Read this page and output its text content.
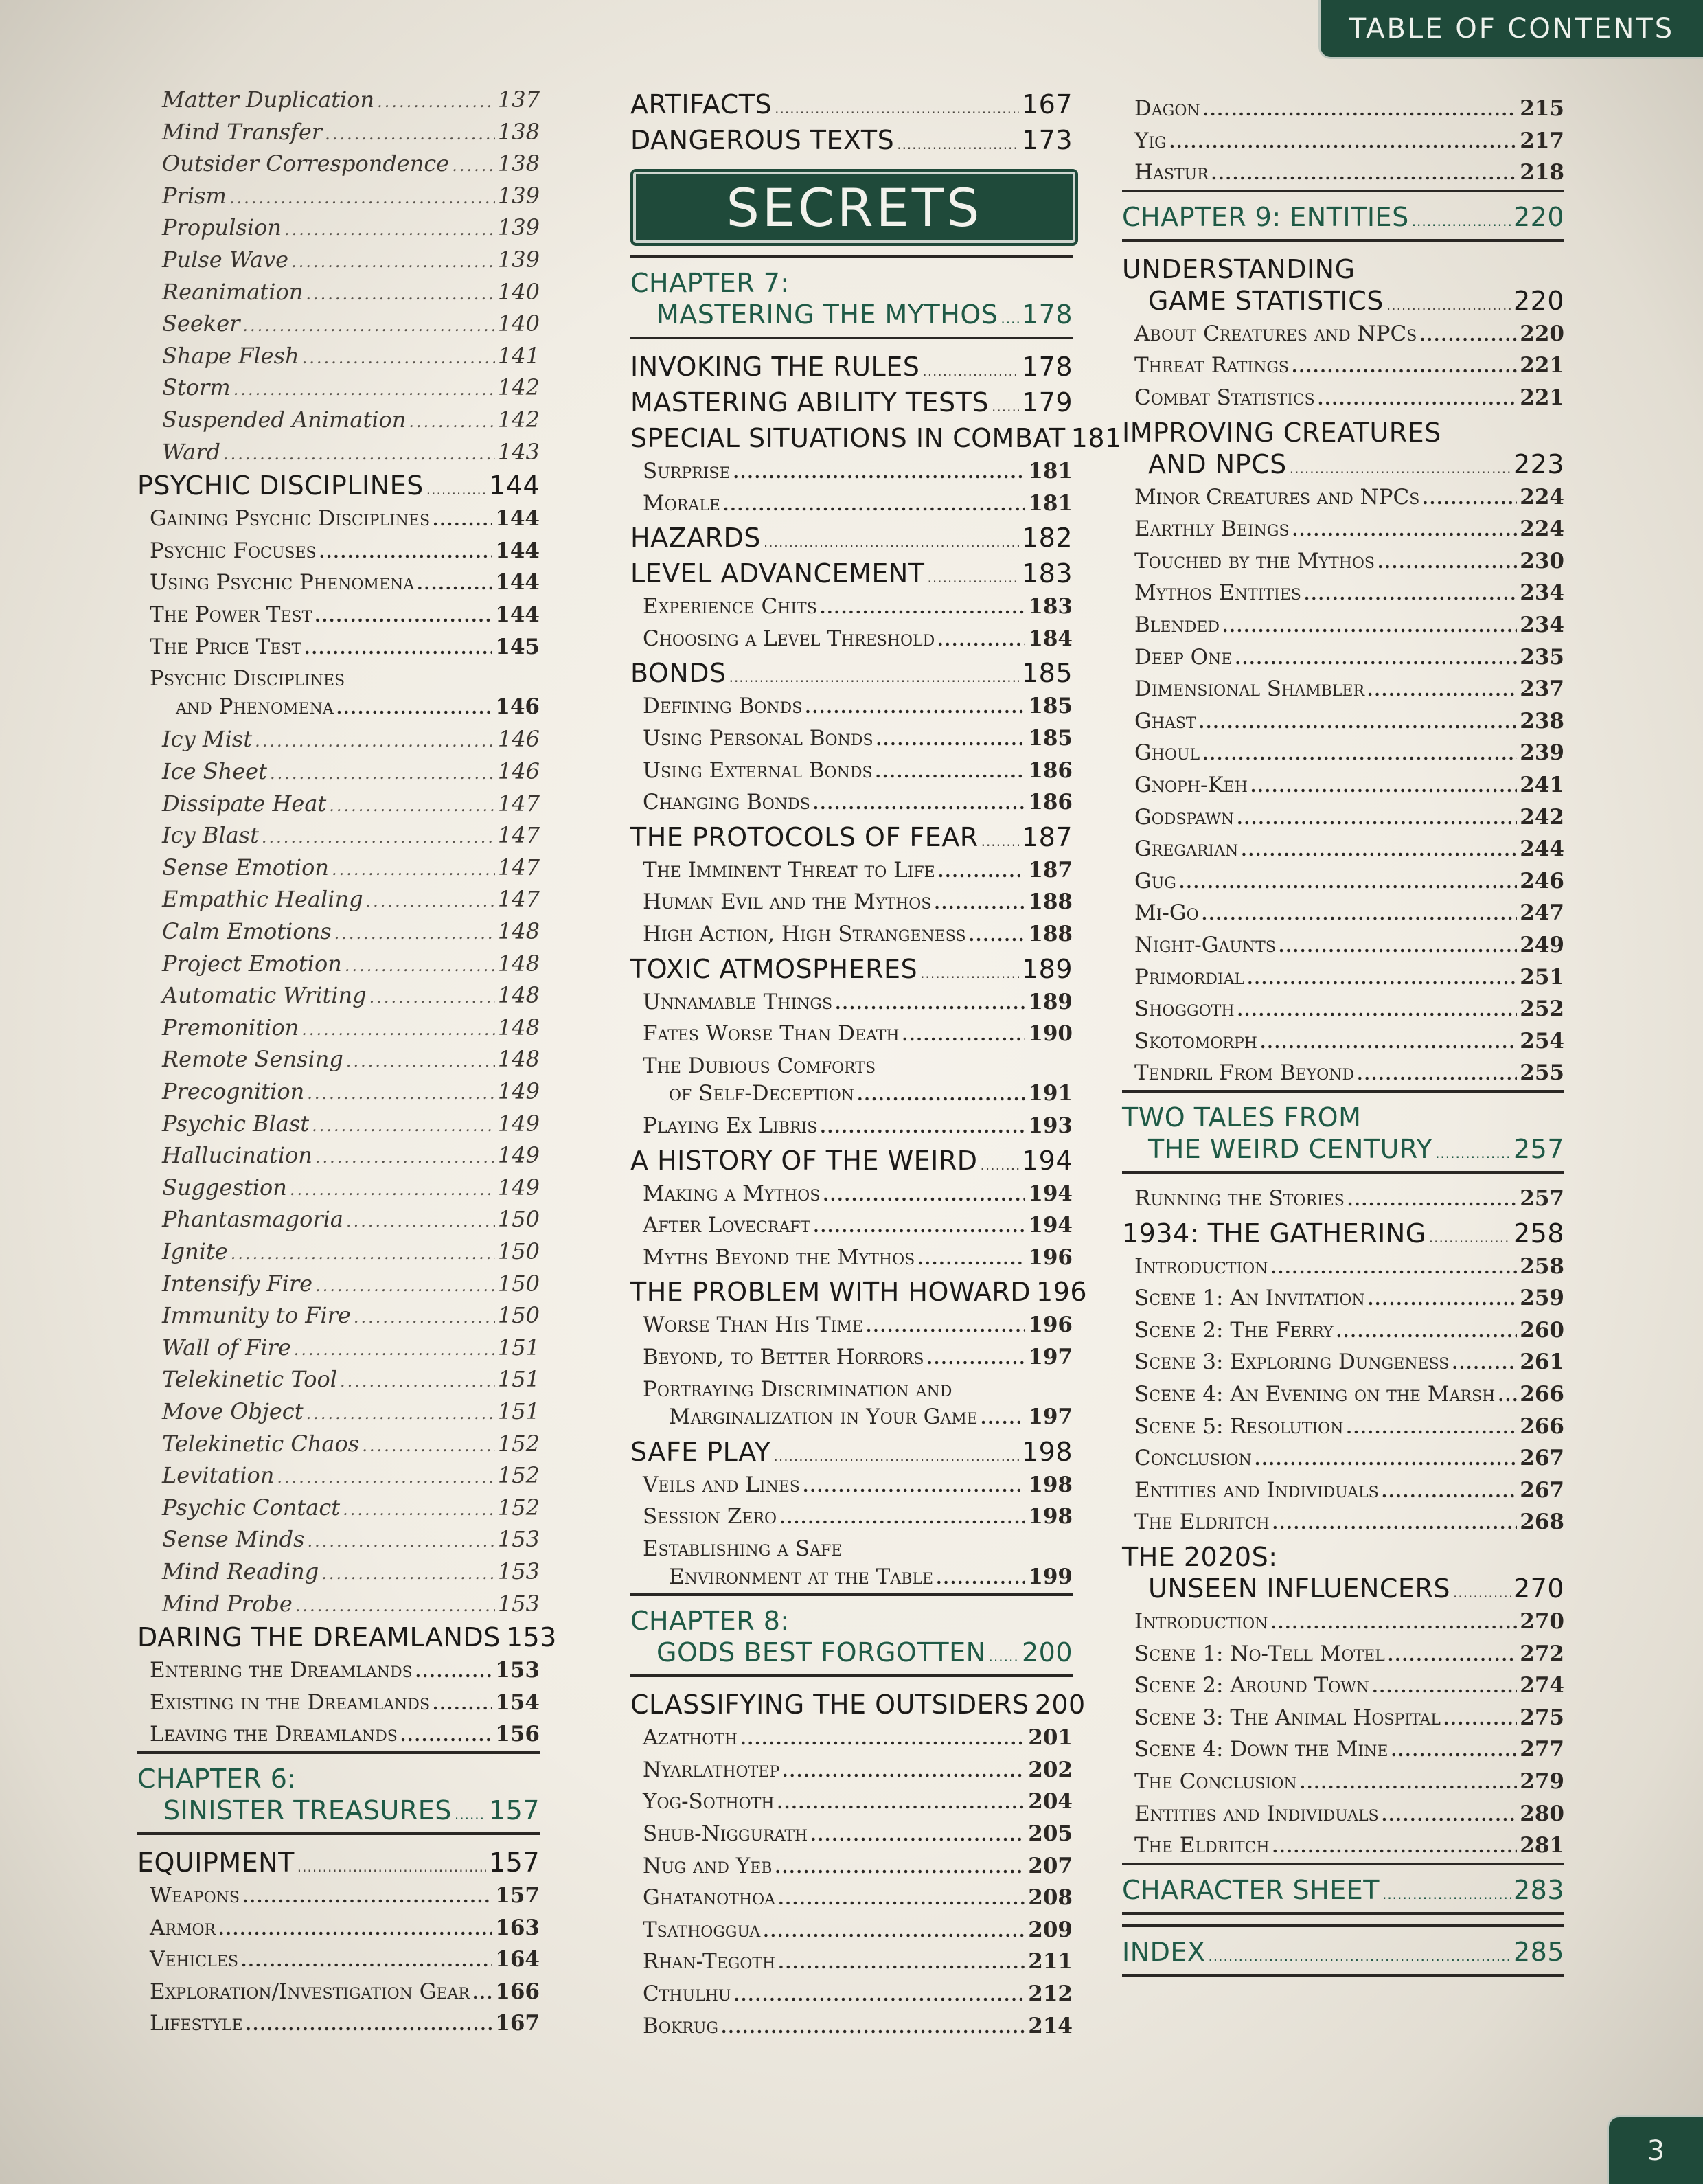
TABLE OF CONTENTS
Matter Duplication .....	137
Mind Transfer .....	138
Outsider Correspondence ..... 138
Prism .....	139
Propulsion .....	139
Pulse Wave .....	139
Reanimation .....	140
Seeker .....	140
Shape Flesh .....	141
Storm .....	142
Suspended Animation .....	142
Ward .....	143
PSYCHIC DISCIPLINES .....	144
Gaining Psychic Disciplines .....	144
Psychic Focuses .....	144
Using Psychic Phenomena .....	144
The Power Test .....	144
The Price Test .....	145
Psychic Disciplines
and Phenomena .....	146
Icy Mist .....	146
Ice Sheet .....	146
Dissipate Heat .....	147
Icy Blast .....	147
Sense Emotion .....	147
Empathic Healing .....	147
Calm Emotions .....	148
Project Emotion .....	148
Automatic Writing .....	148
Premonition .....	148
Remote Sensing .....	148
Precognition .....	149
Psychic Blast .....	149
Hallucination .....	149
Suggestion .....	149
Phantasmagoria .....	150
Ignite .....	150
Intensify Fire .....	150
Immunity to Fire .....	150
Wall of Fire .....	151
Telekinetic Tool .....	151
Move Object .....	151
Telekinetic Chaos .....	152
Levitation .....	152
Psychic Contact .....	152
Sense Minds .....	153
Mind Reading .....	153
Mind Probe .....	153
DARING THE DREAMLANDS 153
Entering the Dreamlands .....	153
Existing in the Dreamlands .....	154
Leaving the Dreamlands .....	156
CHAPTER 6:
SINISTER TREASURES ..... 157
EQUIPMENT .....	157
Weapons .....	157
Armor .....	163
Vehicles .....	164
Exploration/Investigation Gear ..... 166
Lifestyle .....	167
ARTIFACTS .....	167
DANGEROUS TEXTS .....	173
SECRETS
CHAPTER 7:
MASTERING THE MYTHOS ..... 178
INVOKING THE RULES .....	178
MASTERING ABILITY TESTS ..... 179
SPECIAL SITUATIONS IN COMBAT 181
Surprise .....	181
Morale .....	181
HAZARDS .....	182
LEVEL ADVANCEMENT .....	183
Experience Chits .....	183
Choosing a Level Threshold .....	184
BONDS .....	185
Defining Bonds .....	185
Using Personal Bonds .....	185
Using External Bonds .....	186
Changing Bonds .....	186
THE PROTOCOLS OF FEAR ..... 187
The Imminent Threat to Life .....	187
Human Evil and the Mythos .....	188
High Action, High Strangeness .....	188
TOXIC ATMOSPHERES .....	189
Unnamable Things .....	189
Fates Worse Than Death .....	190
The Dubious Comforts
of Self-Deception .....	191
Playing Ex Libris .....	193
A HISTORY OF THE WEIRD ..... 194
Making a Mythos .....	194
After Lovecraft .....	194
Myths Beyond the Mythos .....	196
THE PROBLEM WITH HOWARD 196
Worse Than His Time .....	196
Beyond, to Better Horrors .....	197
Portraying Discrimination and
Marginalization in Your Game ..... 197
SAFE PLAY .....	198
Veils and Lines .....	198
Session Zero .....	198
Establishing a Safe
Environment at the Table .....	199
CHAPTER 8:
GODS BEST FORGOTTEN ..... 200
CLASSIFYING THE OUTSIDERS 200
Azathoth .....	201
Nyarlathotep .....	202
Yog-Sothoth .....	204
Shub-Niggurath .....	205
Nug and Yeb .....	207
Ghatanothoa .....	208
Tsathoggua .....	209
Rhan-Tegoth .....	211
Cthulhu .....	212
Bokrug .....	214
Dagon .....	215
Yig .....	217
Hastur .....	218
CHAPTER 9: ENTITIES .....	220
UNDERSTANDING
GAME STATISTICS .....	220
About Creatures and NPCs .....	220
Threat Ratings .....	221
Combat Statistics .....	221
IMPROVING CREATURES
AND NPCS .....	223
Minor Creatures and NPCs .....	224
Earthly Beings .....	224
Touched by the Mythos .....	230
Mythos Entities .....	234
Blended .....	234
Deep One .....	235
Dimensional Shambler .....	237
Ghast .....	238
Ghoul .....	239
Gnoph-Keh .....	241
Godspawn .....	242
Gregarian .....	244
Gug .....	246
Mi-Go .....	247
Night-Gaunts .....	249
Primordial .....	251
Shoggoth .....	252
Skotomorph .....	254
Tendril From Beyond .....	255
TWO TALES FROM
THE WEIRD CENTURY .....	257
Running the Stories .....	257
1934: THE GATHERING .....	258
Introduction .....	258
Scene 1: An Invitation .....	259
Scene 2: The Ferry .....	260
Scene 3: Exploring Dungeness .....	261
Scene 4: An Evening on the Marsh ..... 266
Scene 5: Resolution .....	266
Conclusion .....	267
Entities and Individuals .....	267
The Eldritch .....	268
THE 2020S:
UNSEEN INFLUENCERS ..... 270
Introduction .....	270
Scene 1: No-Tell Motel .....	272
Scene 2: Around Town .....	274
Scene 3: The Animal Hospital .....	275
Scene 4: Down the Mine .....	277
The Conclusion .....	279
Entities and Individuals .....	280
The Eldritch .....	281
CHARACTER SHEET .....	283
INDEX .....	285
3
